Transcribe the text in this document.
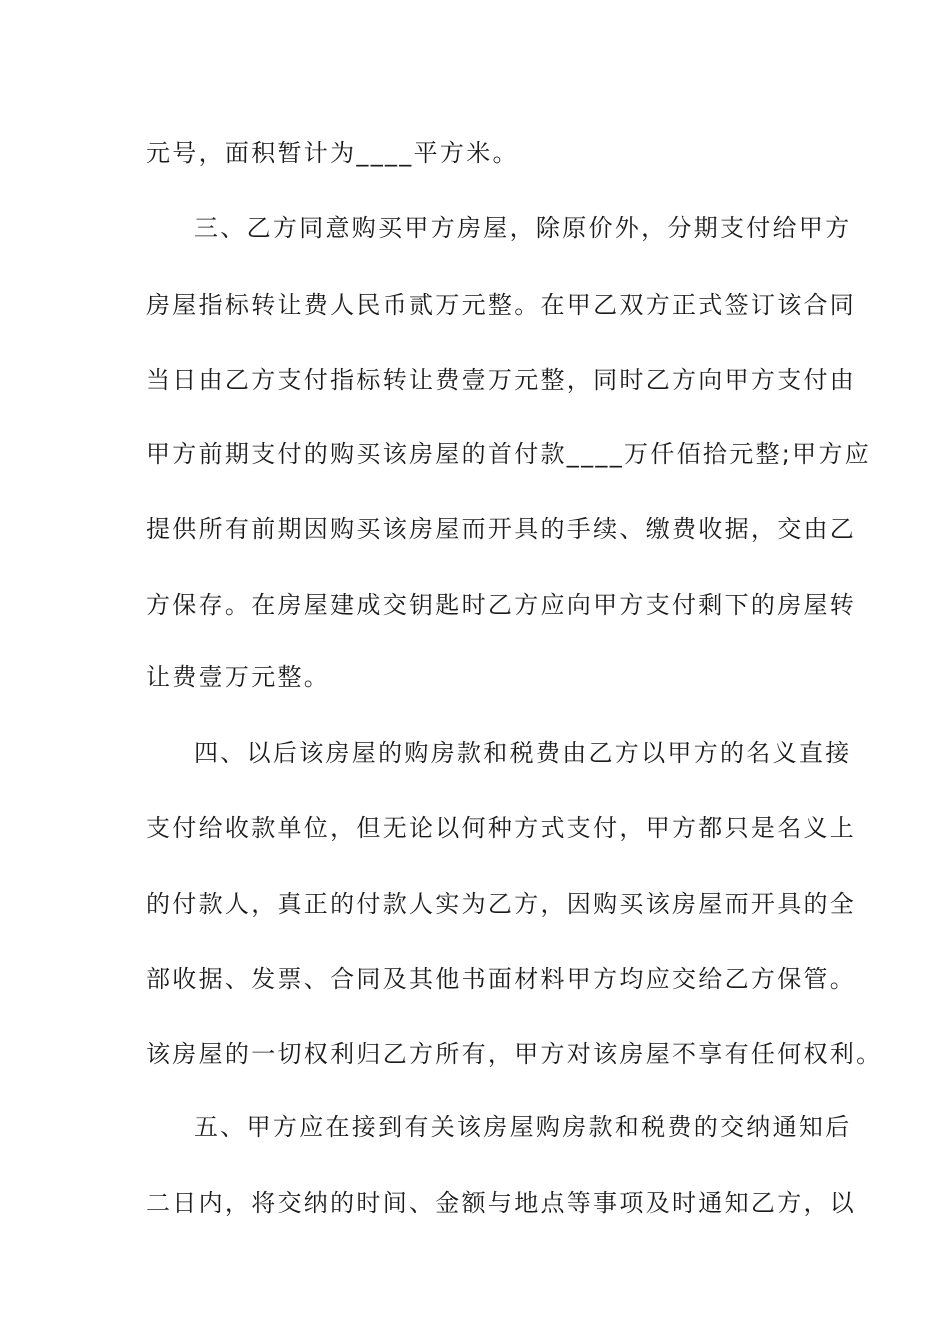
元号，面积暂计为____平方米。
三、乙方同意购买甲方房屋，除原价外，分期支付给甲方
房屋指标转让费人民币贰万元整。在甲乙双方正式签订该合同
当日由乙方支付指标转让费壹万元整，同时乙方向甲方支付由
甲方前期支付的购买该房屋的首付款____万仟佰拾元整;甲方应
提供所有前期因购买该房屋而开具的手续、缴费收据，交由乙
方保存。在房屋建成交钥匙时乙方应向甲方支付剩下的房屋转
让费壹万元整。
四、以后该房屋的购房款和税费由乙方以甲方的名义直接
支付给收款单位，但无论以何种方式支付，甲方都只是名义上
的付款人，真正的付款人实为乙方，因购买该房屋而开具的全
部收据、发票、合同及其他书面材料甲方均应交给乙方保管。
该房屋的一切权利归乙方所有，甲方对该房屋不享有任何权利。
五、甲方应在接到有关该房屋购房款和税费的交纳通知后
二日内，将交纳的时间、金额与地点等事项及时通知乙方，以
